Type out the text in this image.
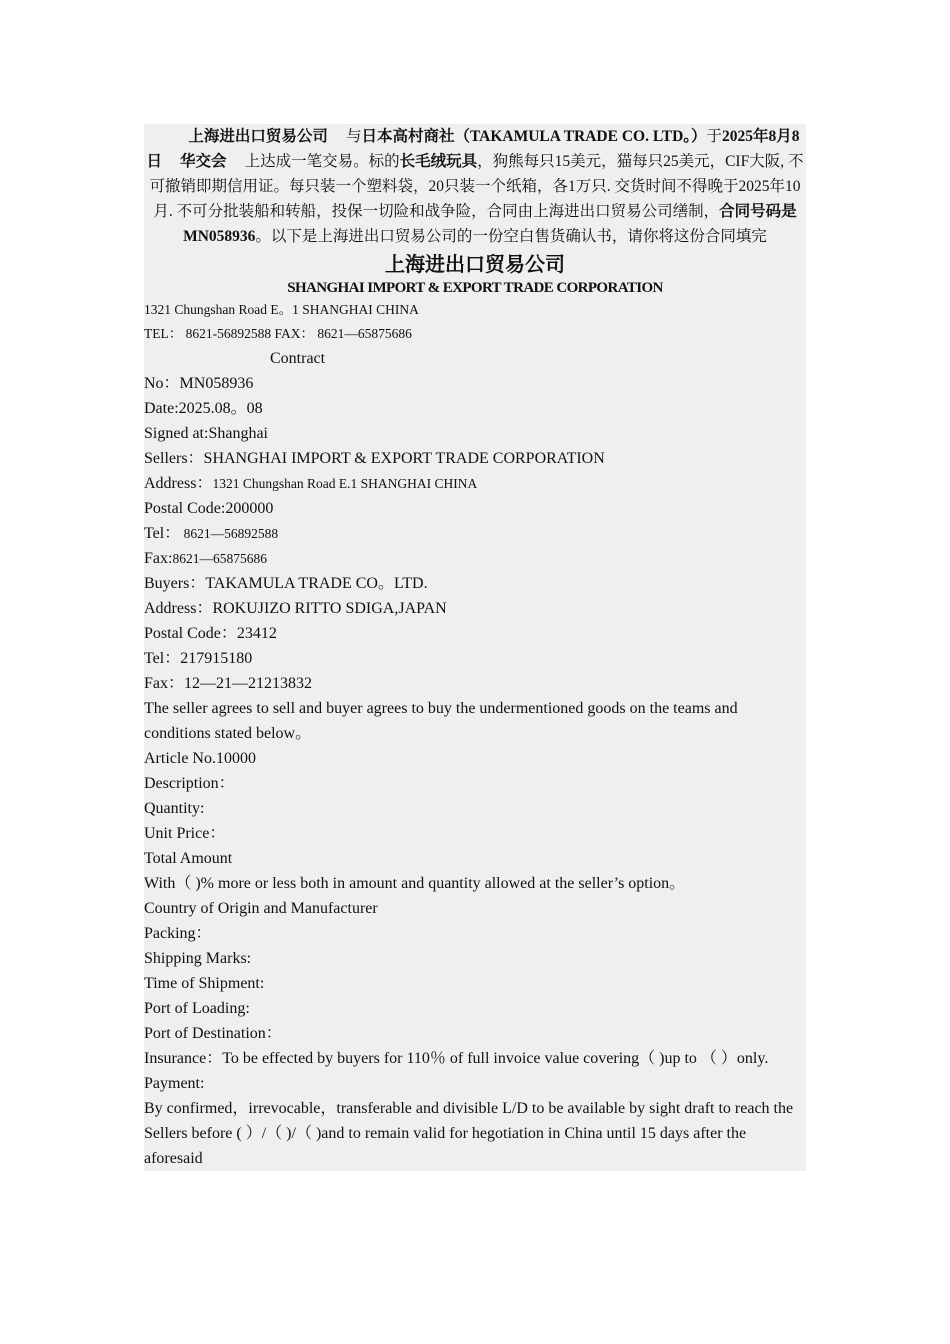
上海进出口贸易公司 与日本高村商社（TAKAMULA TRADE CO. LTD。）于2025年8月8日 华交会 上达成一笔交易。标的长毛绒玩具，狗熊每只15美元，猫每只25美元，CIF大阪, 不可撤销即期信用证。每只装一个塑料袋，20只装一个纸箱，各1万只. 交货时间不得晚于2025年10月. 不可分批装船和转船，投保一切险和战争险，合同由上海进出口贸易公司缮制，合同号码是MN058936。以下是上海进出口贸易公司的一份空白售货确认书，请你将这份合同填完
上海进出口贸易公司
SHANGHAI IMPORT & EXPORT TRADE CORPORATION
1321 Chungshan Road E。1 SHANGHAI CHINA
TEL： 8621-56892588 FAX： 8621—65875686
Contract
No：MN058936
Date:2025.08。08
Signed at:Shanghai
Sellers：SHANGHAI IMPORT & EXPORT TRADE CORPORATION
Address：1321 Chungshan Road E.1 SHANGHAI CHINA
Postal Code:200000
Tel： 8621—56892588
Fax:8621—65875686
Buyers：TAKAMULA TRADE CO。LTD.
Address：ROKUJIZO RITTO SDIGA,JAPAN
Postal Code：23412
Tel：217915180
Fax：12—21—21213832
The seller agrees to sell and buyer agrees to buy the undermentioned goods on the teams and conditions stated below。
Article No.10000
Description：
Quantity:
Unit Price：
Total Amount
With（ )% more or less both in amount and quantity allowed at the seller’s option。
Country of Origin and Manufacturer
Packing：
Shipping Marks:
Time of Shipment:
Port of Loading:
Port of Destination：
Insurance：To be effected by buyers for 110％ of full invoice value covering（ )up to （ ）only.
Payment:
By confirmed，irrevocable，transferable and divisible L/D to be available by sight draft to reach the
Sellers before ( ）/（ )/（ )and to remain valid for hegotiation in China until 15 days after the aforesaid
